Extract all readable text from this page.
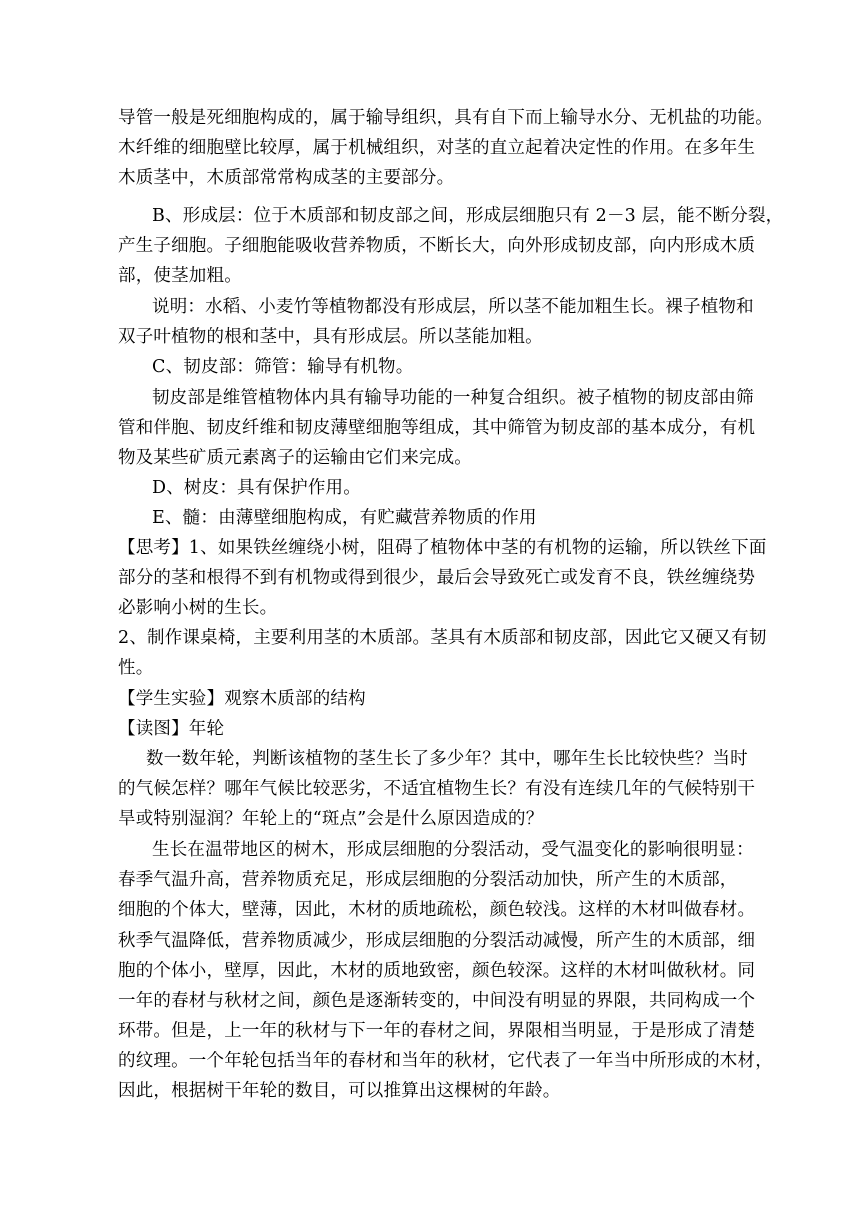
导管一般是死细胞构成的，属于输导组织，具有自下而上输导水分、无机盐的功能。
木纤维的细胞壁比较厚，属于机械组织，对茎的直立起着决定性的作用。在多年生
木质茎中，木质部常常构成茎的主要部分。
B、形成层：位于木质部和韧皮部之间，形成层细胞只有 2－3 层，能不断分裂，
产生子细胞。子细胞能吸收营养物质，不断长大，向外形成韧皮部，向内形成木质
部，使茎加粗。
说明：水稻、小麦竹等植物都没有形成层，所以茎不能加粗生长。裸子植物和
双子叶植物的根和茎中，具有形成层。所以茎能加粗。
C、韧皮部：筛管：输导有机物。
韧皮部是维管植物体内具有输导功能的一种复合组织。被子植物的韧皮部由筛
管和伴胞、韧皮纤维和韧皮薄壁细胞等组成，其中筛管为韧皮部的基本成分，有机
物及某些矿质元素离子的运输由它们来完成。
D、树皮：具有保护作用。
E、髓：由薄壁细胞构成，有贮藏营养物质的作用
【思考】1、如果铁丝缠绕小树，阻碍了植物体中茎的有机物的运输，所以铁丝下面
部分的茎和根得不到有机物或得到很少，最后会导致死亡或发育不良，铁丝缠绕势
必影响小树的生长。
2、制作课桌椅，主要利用茎的木质部。茎具有木质部和韧皮部，因此它又硬又有韧
性。
【学生实验】观察木质部的结构
【读图】年轮
数一数年轮，判断该植物的茎生长了多少年？其中，哪年生长比较快些？当时
的气候怎样？哪年气候比较恶劣，不适宜植物生长？有没有连续几年的气候特别干
旱或特别湿润？年轮上的“斑点”会是什么原因造成的？
生长在温带地区的树木，形成层细胞的分裂活动，受气温变化的影响很明显：
春季气温升高，营养物质充足，形成层细胞的分裂活动加快，所产生的木质部，
细胞的个体大，壁薄，因此，木材的质地疏松，颜色较浅。这样的木材叫做春材。
秋季气温降低，营养物质减少，形成层细胞的分裂活动减慢，所产生的木质部，细
胞的个体小，壁厚，因此，木材的质地致密，颜色较深。这样的木材叫做秋材。同
一年的春材与秋材之间，颜色是逐渐转变的，中间没有明显的界限，共同构成一个
环带。但是，上一年的秋材与下一年的春材之间，界限相当明显，于是形成了清楚
的纹理。一个年轮包括当年的春材和当年的秋材，它代表了一年当中所形成的木材，
因此，根据树干年轮的数目，可以推算出这棵树的年龄。
